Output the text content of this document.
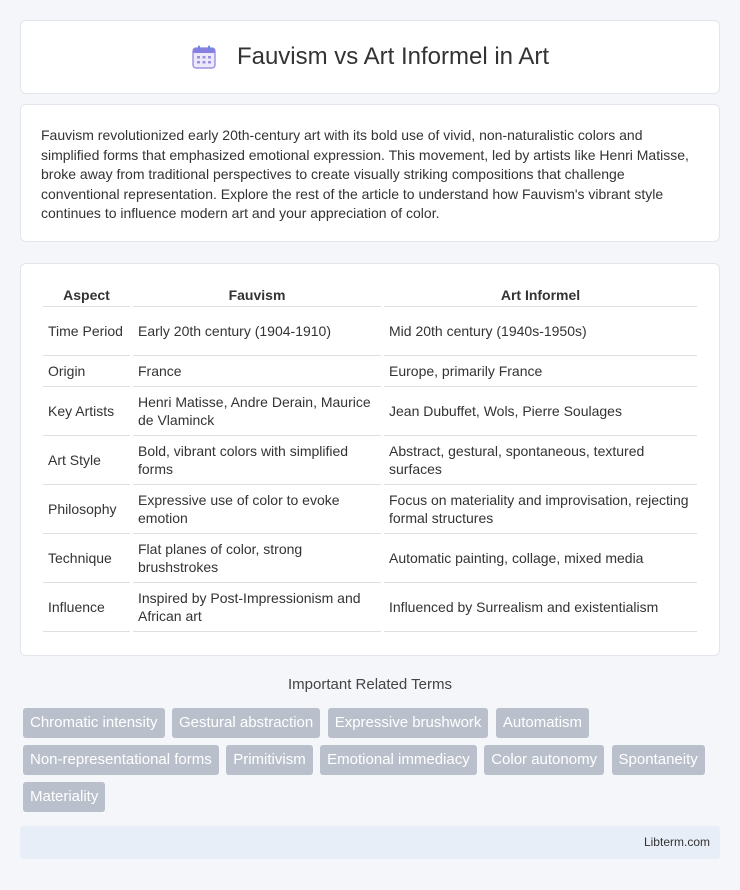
Fauvism vs Art Informel in Art

Fauvism revolutionized early 20th-century art with its bold use of vivid, non-naturalistic colors and simplified forms that emphasized emotional expression. This movement, led by artists like Henri Matisse, broke away from traditional perspectives to create visually striking compositions that challenge conventional representation. Explore the rest of the article to understand how Fauvism's vibrant style continues to influence modern art and your appreciation of color.

Aspect	Fauvism	Art Informel
Time Period	Early 20th century (1904-1910)	Mid 20th century (1940s-1950s)
Origin	France	Europe, primarily France
Key Artists	Henri Matisse, Andre Derain, Maurice de Vlaminck	Jean Dubuffet, Wols, Pierre Soulages
Art Style	Bold, vibrant colors with simplified forms	Abstract, gestural, spontaneous, textured surfaces
Philosophy	Expressive use of color to evoke emotion	Focus on materiality and improvisation, rejecting formal structures
Technique	Flat planes of color, strong brushstrokes	Automatic painting, collage, mixed media
Influence	Inspired by Post-Impressionism and African art	Influenced by Surrealism and existentialism
Important Related Terms
Chromatic intensity Gestural abstraction Expressive brushwork Automatism Non-representational forms Primitivism Emotional immediacy Color autonomy Spontaneity Materiality
Libterm.com
